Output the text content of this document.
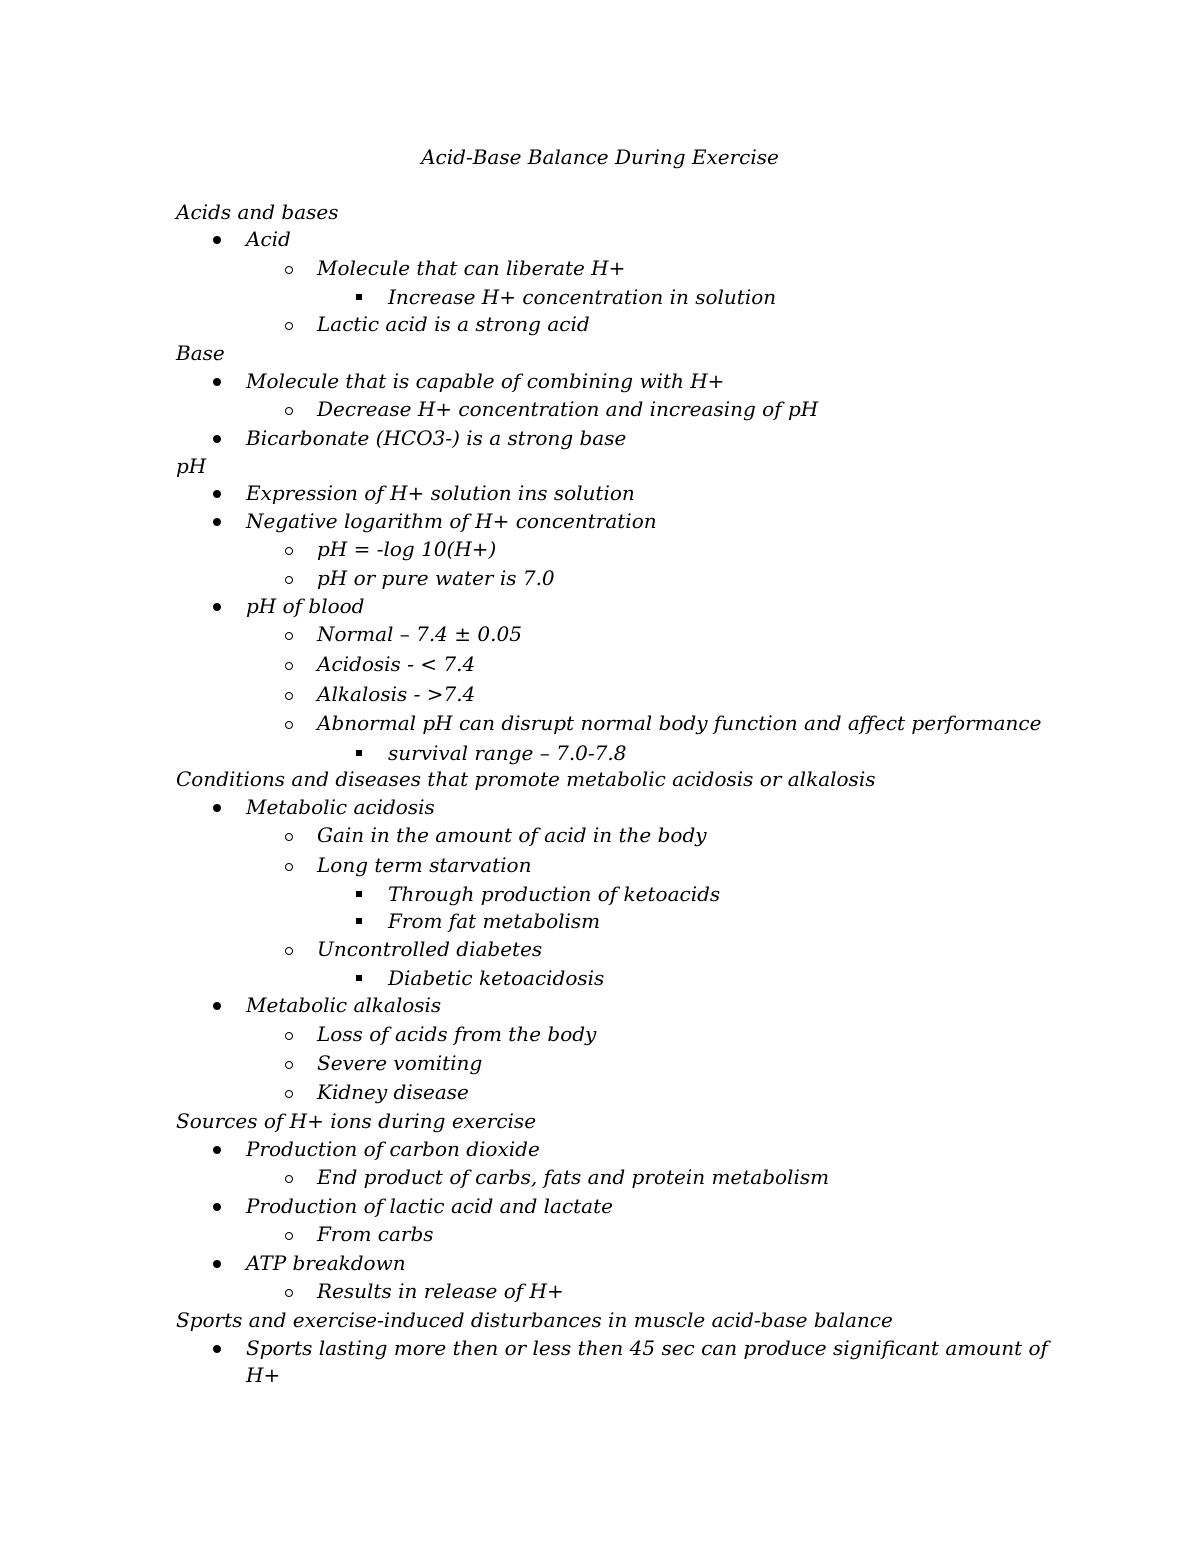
Acid-Base Balance During Exercise
Acids and bases
Acid
Molecule that can liberate H+
Increase H+ concentration in solution
Lactic acid is a strong acid
Base
Molecule that is capable of combining with H+
Decrease H+ concentration and increasing of pH
Bicarbonate (HCO3-) is a strong base
pH
Expression of H+ solution ins solution
Negative logarithm of H+ concentration
pH = -log 10(H+)
pH or pure water is 7.0
pH of blood
Normal – 7.4 ± 0.05
Acidosis - < 7.4
Alkalosis - >7.4
Abnormal pH can disrupt normal body function and affect performance
survival range – 7.0-7.8
Conditions and diseases that promote metabolic acidosis or alkalosis
Metabolic acidosis
Gain in the amount of acid in the body
Long term starvation
Through production of ketoacids
From fat metabolism
Uncontrolled diabetes
Diabetic ketoacidosis
Metabolic alkalosis
Loss of acids from the body
Severe vomiting
Kidney disease
Sources of H+ ions during exercise
Production of carbon dioxide
End product of carbs, fats and protein metabolism
Production of lactic acid and lactate
From carbs
ATP breakdown
Results in release of H+
Sports and exercise-induced disturbances in muscle acid-base balance
Sports lasting more then or less then 45 sec can produce significant amount of
H+
